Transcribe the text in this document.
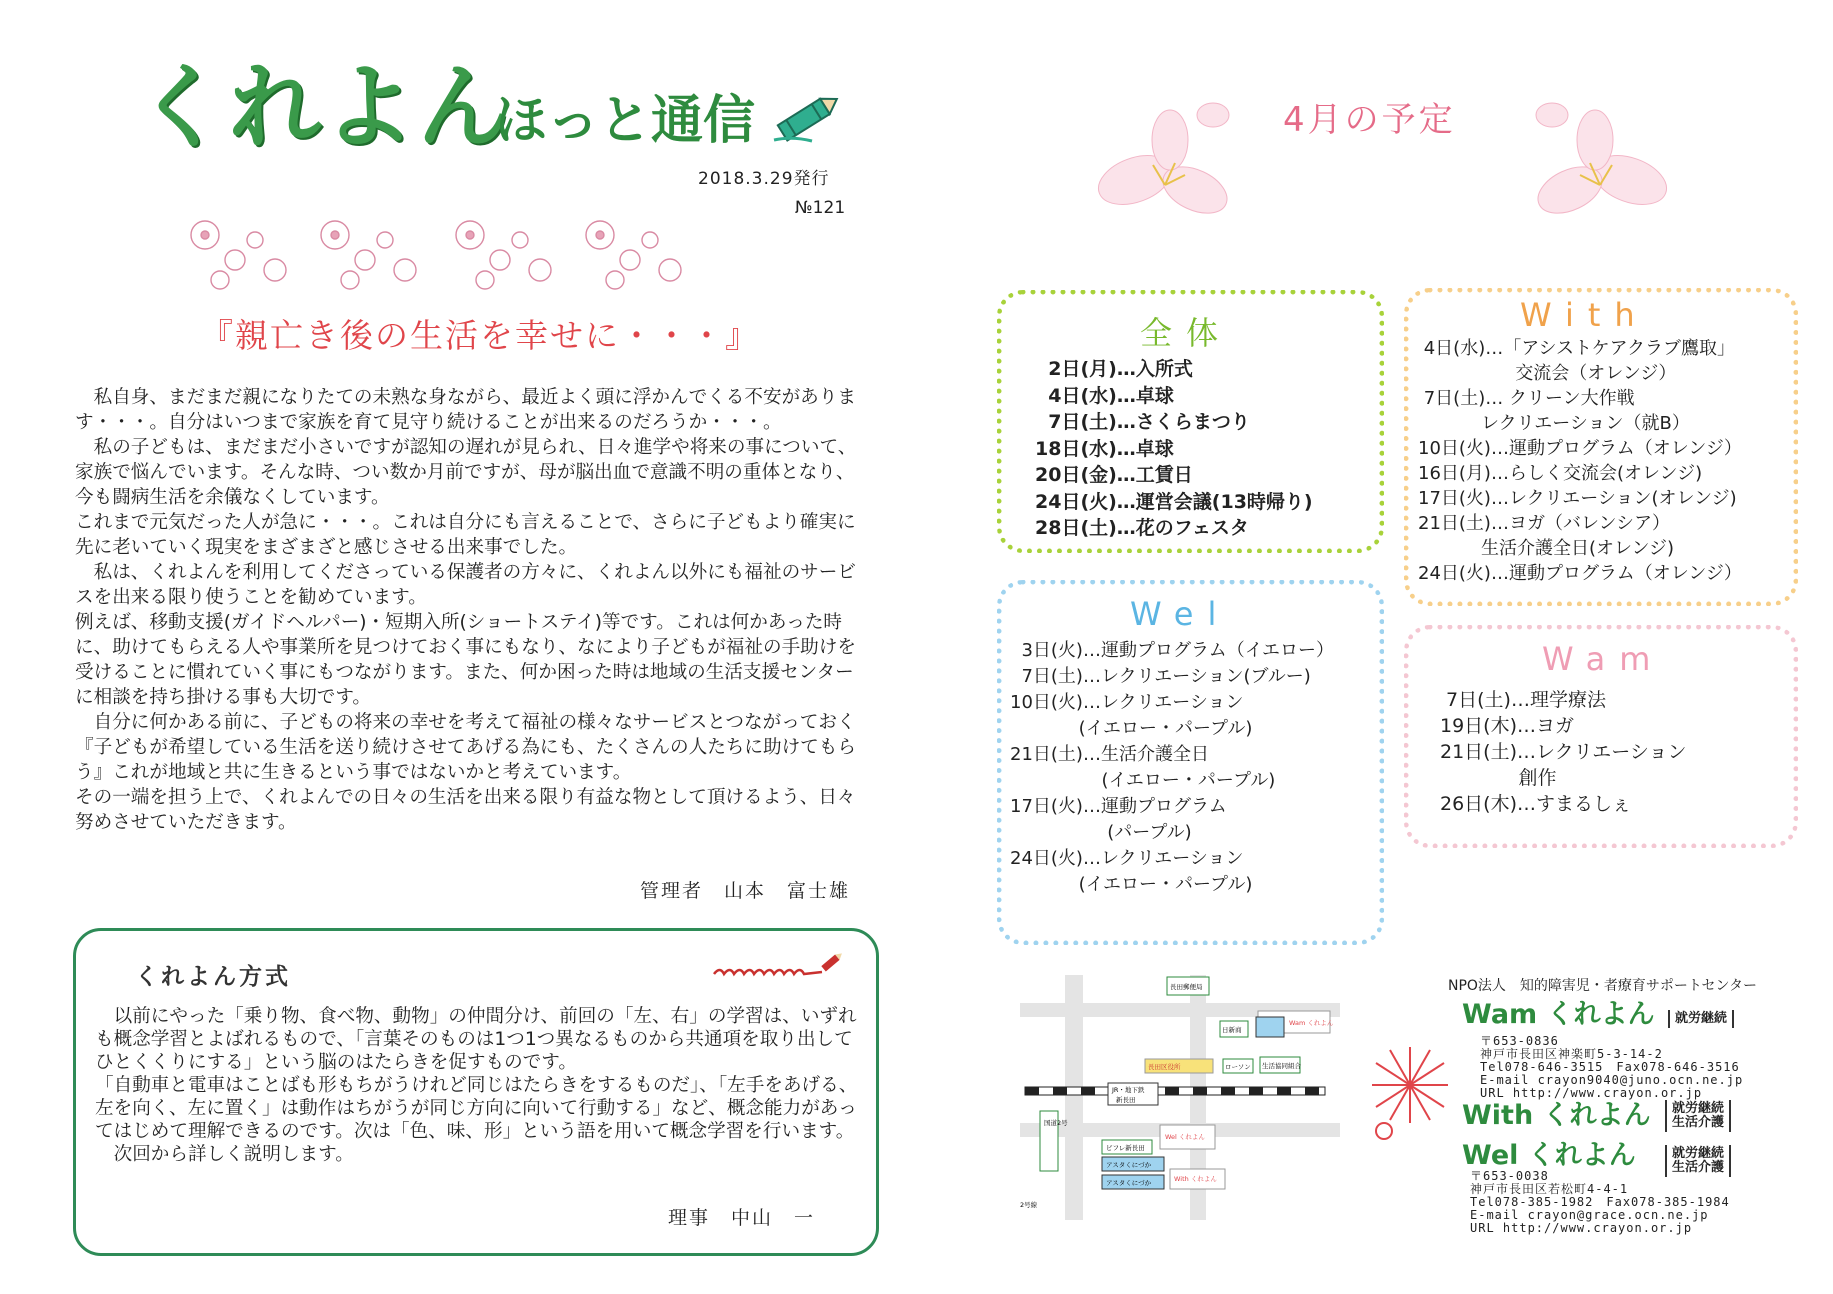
くれよん
ほっと通信
2018.3.29発行
№121
『親亡き後の生活を幸せに・・・』

　私自身、まだまだ親になりたての未熟な身ながら、最近よく頭に浮かんでくる不安があります・・・。自分はいつまで家族を育て見守り続けることが出来るのだろうか・・・。

　私の子どもは、まだまだ小さいですが認知の遅れが見られ、日々進学や将来の事について、家族で悩んでいます。そんな時、つい数か月前ですが、母が脳出血で意識不明の重体となり、今も闘病生活を余儀なくしています。

これまで元気だった人が急に・・・。これは自分にも言えることで、さらに子どもより確実に先に老いていく現実をまざまざと感じさせる出来事でした。

　私は、くれよんを利用してくださっている保護者の方々に、くれよん以外にも福祉のサービスを出来る限り使うことを勧めています。

例えば、移動支援(ガイドヘルパー)・短期入所(ショートステイ)等です。これは何かあった時に、助けてもらえる人や事業所を見つけておく事にもなり、なにより子どもが福祉の手助けを受けることに慣れていく事にもつながります。また、何か困った時は地域の生活支援センターに相談を持ち掛ける事も大切です。

　自分に何かある前に、子どもの将来の幸せを考えて福祉の様々なサービスとつながっておく『子どもが希望している生活を送り続けさせてあげる為にも、たくさんの人たちに助けてもらう』これが地域と共に生きるという事ではないかと考えています。

その一端を担う上で、くれよんでの日々の生活を出来る限り有益な物として頂けるよう、日々努めさせていただきます。

管理者　山本　富士雄
くれよん方式

　以前にやった「乗り物、食べ物、動物」の仲間分け、前回の「左、右」の学習は、いずれも概念学習とよばれるもので、「言葉そのものは1つ1つ異なるものから共通項を取り出してひとくくりにする」という脳のはたらきを促すものです。

「自動車と電車はことばも形もちがうけれど同じはたらきをするものだ」、「左手をあげる、左を向く、左に置く」は動作はちがうが同じ方向に向いて行動する」など、概念能力があってはじめて理解できるのです。次は「色、味、形」という語を用いて概念学習を行います。

　次回から詳しく説明します。

理事　中山　一
4月の予定
全体
2日(月)…入所式
4日(水)…卓球
7日(土)…さくらまつり
18日(水)…卓球
20日(金)…工賃日
24日(火)…運営会議(13時帰り)
28日(土)…花のフェスタ
With
4日(水)…「アシストケアクラブ鷹取」
交流会（オレンジ）
7日(土)… クリーン大作戦
レクリエーション（就B）
10日(火)…運動プログラム（オレンジ）
16日(月)…らしく交流会(オレンジ)
17日(火)…レクリエーション(オレンジ)
21日(土)…ヨガ（バレンシア）
生活介護全日(オレンジ)
24日(火)…運動プログラム（オレンジ）
Wel
3日(火)…運動プログラム（イエロー）
7日(土)…レクリエーション(ブルー)
10日(火)…レクリエーション
(イエロー・パープル)
21日(土)…生活介護全日
(イエロー・パープル)
17日(火)…運動プログラム
(パープル)
24日(火)…レクリエーション
(イエロー・パープル)
Wam
7日(土)…理学療法
19日(木)…ヨガ
21日(土)…レクリエーション
創作
26日(木)…すまるしぇ
長田郵便局
Wam くれよん
日新商
生活協同組合
長田区役所	ローソン
JR・地下鉄
新長田
ピフレ新長田
Wel くれよん
アスタくにづか
アスタくにづか	With くれよん
国道2号
2号線
NPO法人　知的障害児・者療育サポートセンター
Wam くれよん 就労継続
〒653-0836
神戸市長田区神楽町5-3-14-2
Tel078-646-3515　Fax078-646-3516
E-mail crayon9040@juno.ocn.ne.jp
URL http://www.crayon.or.jp
With くれよん 就労継続
生活介護
Wel くれよん	就労継続
生活介護
〒653-0038
神戸市長田区若松町4-4-1
Tel078-385-1982　Fax078-385-1984
E-mail crayon@grace.ocn.ne.jp
URL http://www.crayon.or.jp
